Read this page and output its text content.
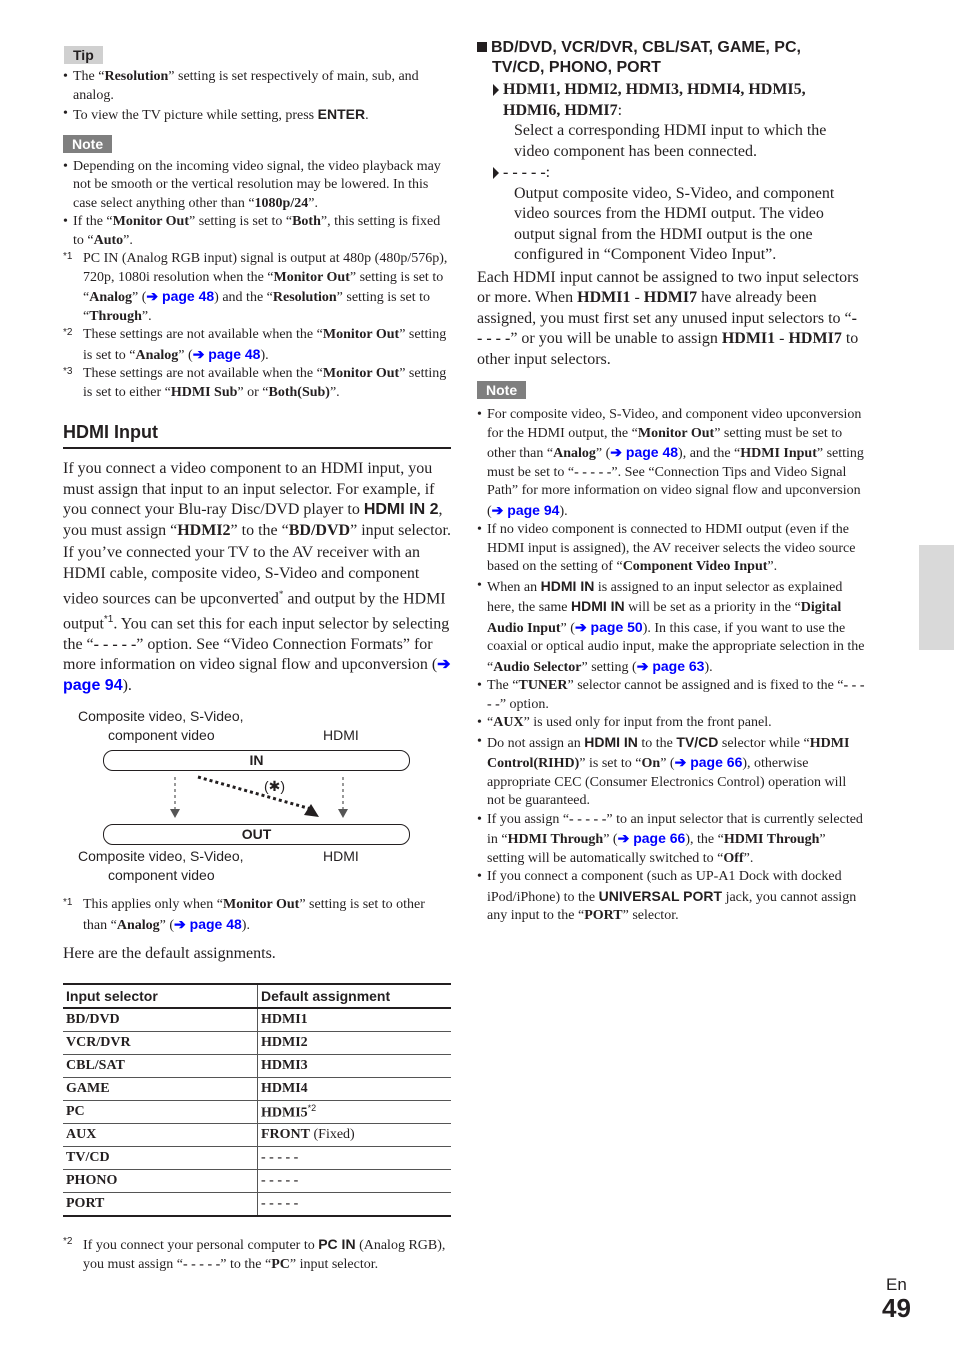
Tip
• The “Resolution” setting is set respectively of main, sub, and analog.
• To view the TV picture while setting, press ENTER.
Note
• Depending on the incoming video signal, the video playback may not be smooth or the vertical resolution may be lowered. In this case select anything other than “1080p/24”.
• If the “Monitor Out” setting is set to “Both”, this setting is fixed to “Auto”.
*1 PC IN (Analog RGB input) signal is output at 480p (480p/576p), 720p, 1080i resolution when the “Monitor Out” setting is set to “Analog” (➔ page 48) and the “Resolution” setting is set to “Through”.
*2 These settings are not available when the “Monitor Out” setting is set to “Analog” (➔ page 48).
*3 These settings are not available when the “Monitor Out” setting is set to either “HDMI Sub” or “Both(Sub)”.
HDMI Input

If you connect a video component to an HDMI input, you must assign that input to an input selector. For example, if you connect your Blu-ray Disc/DVD player to HDMI IN 2, you must assign “HDMI2” to the “BD/DVD” input selector.

If you’ve connected your TV to the AV receiver with an HDMI cable, composite video, S-Video and component video sources can be upconverted* and output by the HDMI output$^{*1}$. You can set this for each input selector by selecting the “- - - - -” option. See “Video Connection Formats” for more information on video signal flow and upconversion (➔ page 94).

Composite video, S-Video,
component video	HDMI
IN
(✱)
OUT
Composite video, S-Video,	HDMI
component video
*1 This applies only when “Monitor Out” setting is set to other than “Analog” (➔ page 48).
Here are the default assignments.
Input selector	Default assignment
BD/DVD	HDMI1
VCR/DVR	HDMI2
CBL/SAT	HDMI3
GAME	HDMI4
PC	HDMI5$^{*2}$
AUX	FRONT (Fixed)
TV/CD	- - - - -
PHONO	- - - - -
PORT	- - - - -
*2 If you connect your personal computer to PC IN (Analog RGB), you must assign “- - - - -” to the “PC” input selector.
BD/DVD, VCR/DVR, CBL/SAT, GAME, PC,
TV/CD, PHONO, PORT
HDMI1, HDMI2, HDMI3, HDMI4, HDMI5,
HDMI6, HDMI7:
Select a corresponding HDMI input to which the video component has been connected.
- - - - -:
Output composite video, S-Video, and component video sources from the HDMI output. The video output signal from the HDMI output is the one configured in “Component Video Input”.

Each HDMI input cannot be assigned to two input selectors or more. When HDMI1 - HDMI7 have already been assigned, you must first set any unused input selectors to “- - - - -” or you will be unable to assign HDMI1 - HDMI7 to other input selectors.

Note
• For composite video, S-Video, and component video upconversion for the HDMI output, the “Monitor Out” setting must be set to other than “Analog” (➔ page 48), and the “HDMI Input” setting must be set to “- - - - -”. See “Connection Tips and Video Signal Path” for more information on video signal flow and upconversion (➔ page 94).
• If no video component is connected to HDMI output (even if the HDMI input is assigned), the AV receiver selects the video source based on the setting of “Component Video Input”.
• When an HDMI IN is assigned to an input selector as explained here, the same HDMI IN will be set as a priority in the “Digital Audio Input” (➔ page 50). In this case, if you want to use the coaxial or optical audio input, make the appropriate selection in the “Audio Selector” setting (➔ page 63).
• The “TUNER” selector cannot be assigned and is fixed to the “- - - - -” option.
• “AUX” is used only for input from the front panel.
• Do not assign an HDMI IN to the TV/CD selector while “HDMI Control(RIHD)” is set to “On” (➔ page 66), otherwise appropriate CEC (Consumer Electronics Control) operation will not be guaranteed.
• If you assign “- - - - -” to an input selector that is currently selected in “HDMI Through” (➔ page 66), the “HDMI Through” setting will be automatically switched to “Off”.
• If you connect a component (such as UP-A1 Dock with docked iPod/iPhone) to the UNIVERSAL PORT jack, you cannot assign any input to the “PORT” selector.
En
49
